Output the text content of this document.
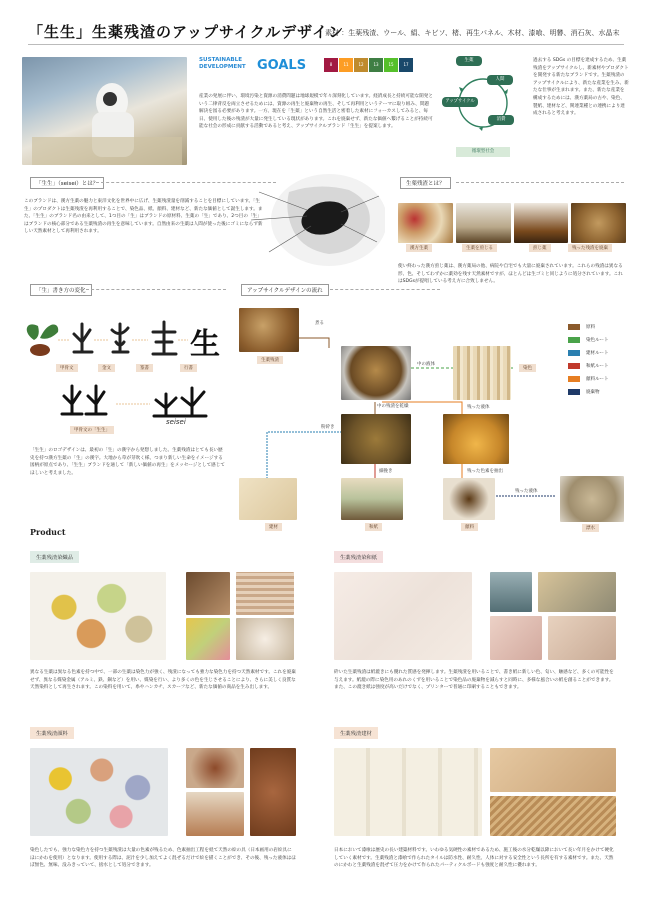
「生生」生薬残渣のアップサイクルデザイン
素材 ：生薬残渣、ウール、絹、キビソ、楮、再生パネル、木材、漆喰、明礬、消石灰、水晶末
SUSTAINABLE
DEVELOPMENT GOALS	8	11	12	13	15	17
産業の発展に伴い、環境汚染と資源の消費問題は地球規模で年々深刻化しています。経済成長と持続可能な開発という二律背反を両立させるためには、資源の再生と廃棄物の再生、そして再利用というテーマに取り組み、問題解決を図る必要があります。一方、現在を「生薬」という自然生活と密着した素材にフォーカスしてみると、毎日、使用した後の残渣が大量に発生している現状があります。これを廃棄せず、新たな価値へ繋げることが持続可能な社会の形成に貢献する活動であると考え、アップサイクルブランド「生生」を提案します。
生薬
人間
アップサイクル
消費
循環型社会
過去する SDGs の目標を達成するため、生薬残渣をアップサイクルし、新素材やプロダクトを開発する新たなブランドです。生薬残渣のアップサイクルにより、新たな産業を生み、新たな仕事が生まれます。また、新たな産業を構成するためには、漢方薬局の古や、染色、製紙、建材など、関連業種との連携により達成されると考えます。
「生生」（seisei）とは？
このブランドは、漢方生薬の魅力と東洋文化を世界中に広げ、生薬残渣量を削減することを目標にしています。「生生」のプロダクトは生薬残渣を再利用することで、染色品、紙、顔料、建材など、新たな価値として誕生します。また、「生生」のブランド名の由来として、1つ目の「生」はブランドの原材料、生薬の「生」であり、2つ目の「生」はブランドの核心部分である生薬残渣の再生を意味しています。自然由来の生薬は人間が使った後にゴミにならず新しい天然素材として再利用されます。
生薬残渣とは？
漢方生薬	生薬を煎じる	煎じ薬	残った残渣を廃棄
使い終わった漢方煎じ薬は、漢方薬局の他、病院や自宅でも大量に廃棄されています。これらの残渣は異なる形、色、そしてわずかに薬効を残す天然素材ですが、ほとんどは生ゴミと同じように処分されています。これはSDGsが提唱している考え方に合致しません。
「生」書き方の変化
生
甲骨文	金文	篆書	行書
甲骨文の「生生」
seisei
「生生」のロゴデザインは、最初の「生」の漢字から発想しました。生薬残渣はとても長い歴史を持つ漢方生薬の「生」の漢字。大地から草が芽吹く様、つまり新しい生命をイメージする図柄が原点であり、「生生」ブランドを通して「新しい価値の再生」をメッセージとして感じてほしいと考えました。
アップサイクルデザインの流れ
生薬残渣
染色
建材	和紙	顔料
煮る
中の液体
中の残渣を乾燥	残った液体
粉砕き
細挽き	残った色素を抽出
残った液体
漂水
原料
染色ルート
建材ルート
和紙ルート
顔料ルート
廃棄物
Product
生薬残渣染織品
異なる生薬は異なる色素を持つ中で、一部の生薬は染色力が強く、残渣になっても強力な染色力を持つ天然素材です。これを廃棄せず、異なる媒染金属（アルミ、鉄、銅など）を用い、媒染を行い、より多くの色を生じさせることにより、さらに美しく良質な天然染料として再生されます。この染料を用いて、糸やハンカチ、スカーフなど、新たな価値の商品を生み出します。
生薬残渣染和紙
砕いた生薬残渣は紙漉きにも優れた質感を発揮します。生薬残渣を用いることで、書き紙に新しい色、匂い、触感など、多くの可能性を与えます。紙漉の際に染色用のあれのくずを用いることで染色品の廃棄物を減らすと同時に、多様な風合いの紙を創ることができます。また、この漉き紙は強度が高いだけでなく、プリンターで普通に印刷することもできます。
生薬残渣顔料
染色したでも、強力な染色力を持つ生薬残渣は大量の色素が残るため、色素抽出工程を経て天然の絵の具（日本画用の岩絵具にほにかわを使用）となります。使用する際は、泥汁を少し加えてよく混ぜるだけで絵を描くことができ、その後、残った液体はほぼ無色、無味、没みきっていて、捨水として処分できます。
生薬残渣建材
日本において漆喰は歴史の長い建築材料です。いわゆる気硬性の素材であるため、施工後の水分乾燥以降において長い年月をかけて硬化していく素材です。生薬残渣と漆喰で作られたタイルは防水性、耐久性、人体に対する安全性という長所を有する素材です。また、天然のにかわと生薬残渣を混ぜて圧力をかけて作られたパーティクルボードも強度と耐久性に優れます。
